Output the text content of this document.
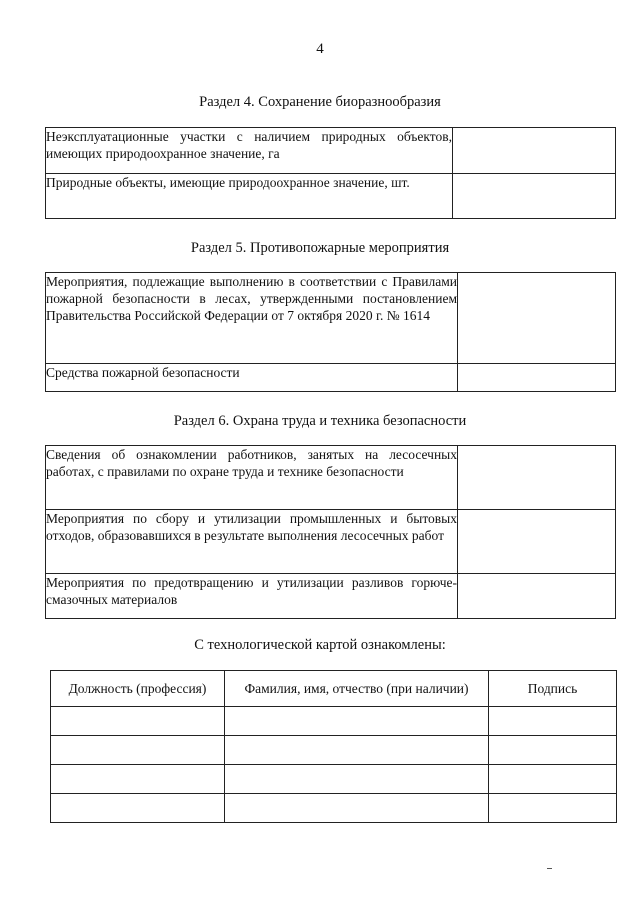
4
Раздел 4. Сохранение биоразнообразия
Неэксплуатационные участки с наличием природных объектов, имеющих природоохранное значение, га	
Природные объекты, имеющие природоохранное значение, шт.	
Раздел 5. Противопожарные мероприятия
Мероприятия, подлежащие выполнению в соответствии с Правилами пожарной безопасности в лесах, утвержденными постановлением Правительства Российской Федерации от 7 октября 2020 г. № 1614	
Средства пожарной безопасности	
Раздел 6. Охрана труда и техника безопасности
Сведения об ознакомлении работников, занятых на лесосечных работах, с правилами по охране труда и технике безопасности	
Мероприятия по сбору и утилизации промышленных и бытовых отходов, образовавшихся в результате выполнения лесосечных работ	
Мероприятия по предотвращению и утилизации разливов горюче-смазочных материалов	
С технологической картой ознакомлены:
Должность (профессия)	Фамилия, имя, отчество (при наличии)	Подпись
